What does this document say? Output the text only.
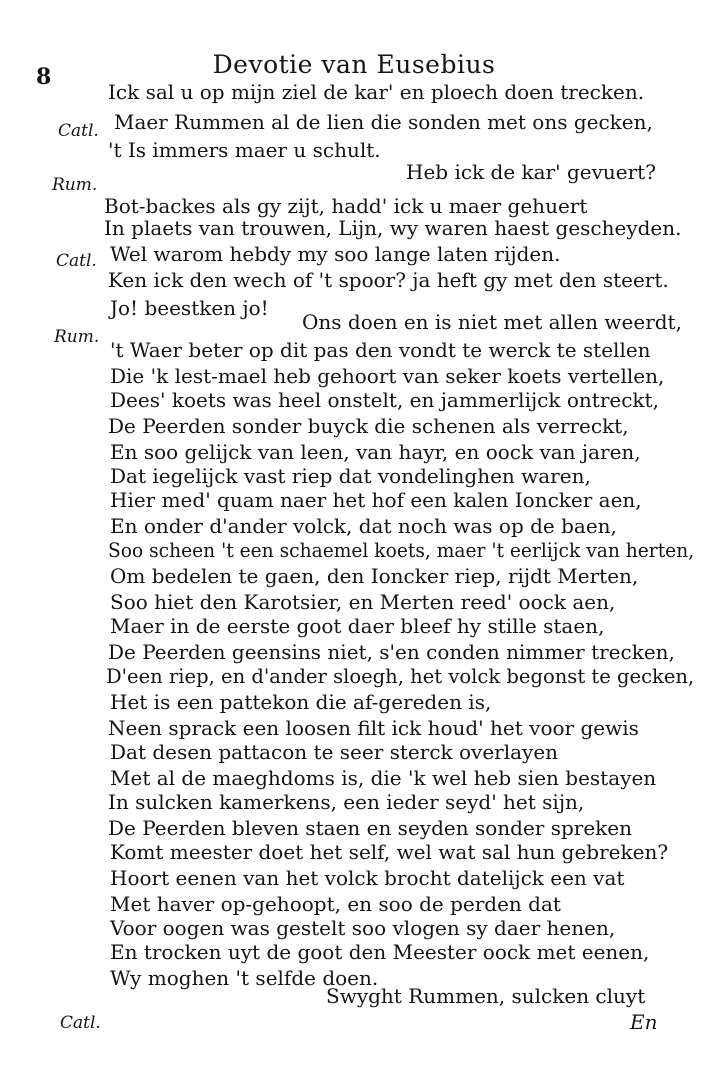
8	Devotie van Eusebius
Catl.
Rum.
Catl.
Rum.
Catl.
Ick sal u op mijn ziel de kar' en ploech doen trecken.
Maer Rummen al de lien die sonden met ons gecken,
't Is immers maer u schult.
Heb ick de kar' gevuert?
Bot-backes als gy zijt, hadd' ick u maer gehuert
In plaets van trouwen, Lijn, wy waren haest gescheyden.
Wel warom hebdy my soo lange laten rijden.
Ken ick den wech of 't spoor? ja heft gy met den steert.
Jo! beestken jo!
Ons doen en is niet met allen weerdt,
't Waer beter op dit pas den vondt te werck te stellen
Die 'k lest-mael heb gehoort van seker koets vertellen,
Dees' koets was heel onstelt, en jammerlijck ontreckt,
De Peerden sonder buyck die schenen als verreckt,
En soo gelijck van leen, van hayr, en oock van jaren,
Dat iegelijck vast riep dat vondelinghen waren,
Hier med' quam naer het hof een kalen Ioncker aen,
En onder d'ander volck, dat noch was op de baen,
Soo scheen 't een schaemel koets, maer 't eerlijck van herten,
Om bedelen te gaen, den Ioncker riep, rijdt Merten,
Soo hiet den Karotsier, en Merten reed' oock aen,
Maer in de eerste goot daer bleef hy stille staen,
De Peerden geensins niet, s'en conden nimmer trecken,
D'een riep, en d'ander sloegh, het volck begonst te gecken,
Het is een pattekon die af-gereden is,
Neen sprack een loosen filt ick houd' het voor gewis
Dat desen pattacon te seer sterck overlayen
Met al de maeghdoms is, die 'k wel heb sien bestayen
In sulcken kamerkens, een ieder seyd' het sijn,
De Peerden bleven staen en seyden sonder spreken
Komt meester doet het self, wel wat sal hun gebreken?
Hoort eenen van het volck brocht datelijck een vat
Met haver op-gehoopt, en soo de perden dat
Voor oogen was gestelt soo vlogen sy daer henen,
En trocken uyt de goot den Meester oock met eenen,
Wy moghen 't selfde doen.
Swyght Rummen, sulcken cluyt
En
